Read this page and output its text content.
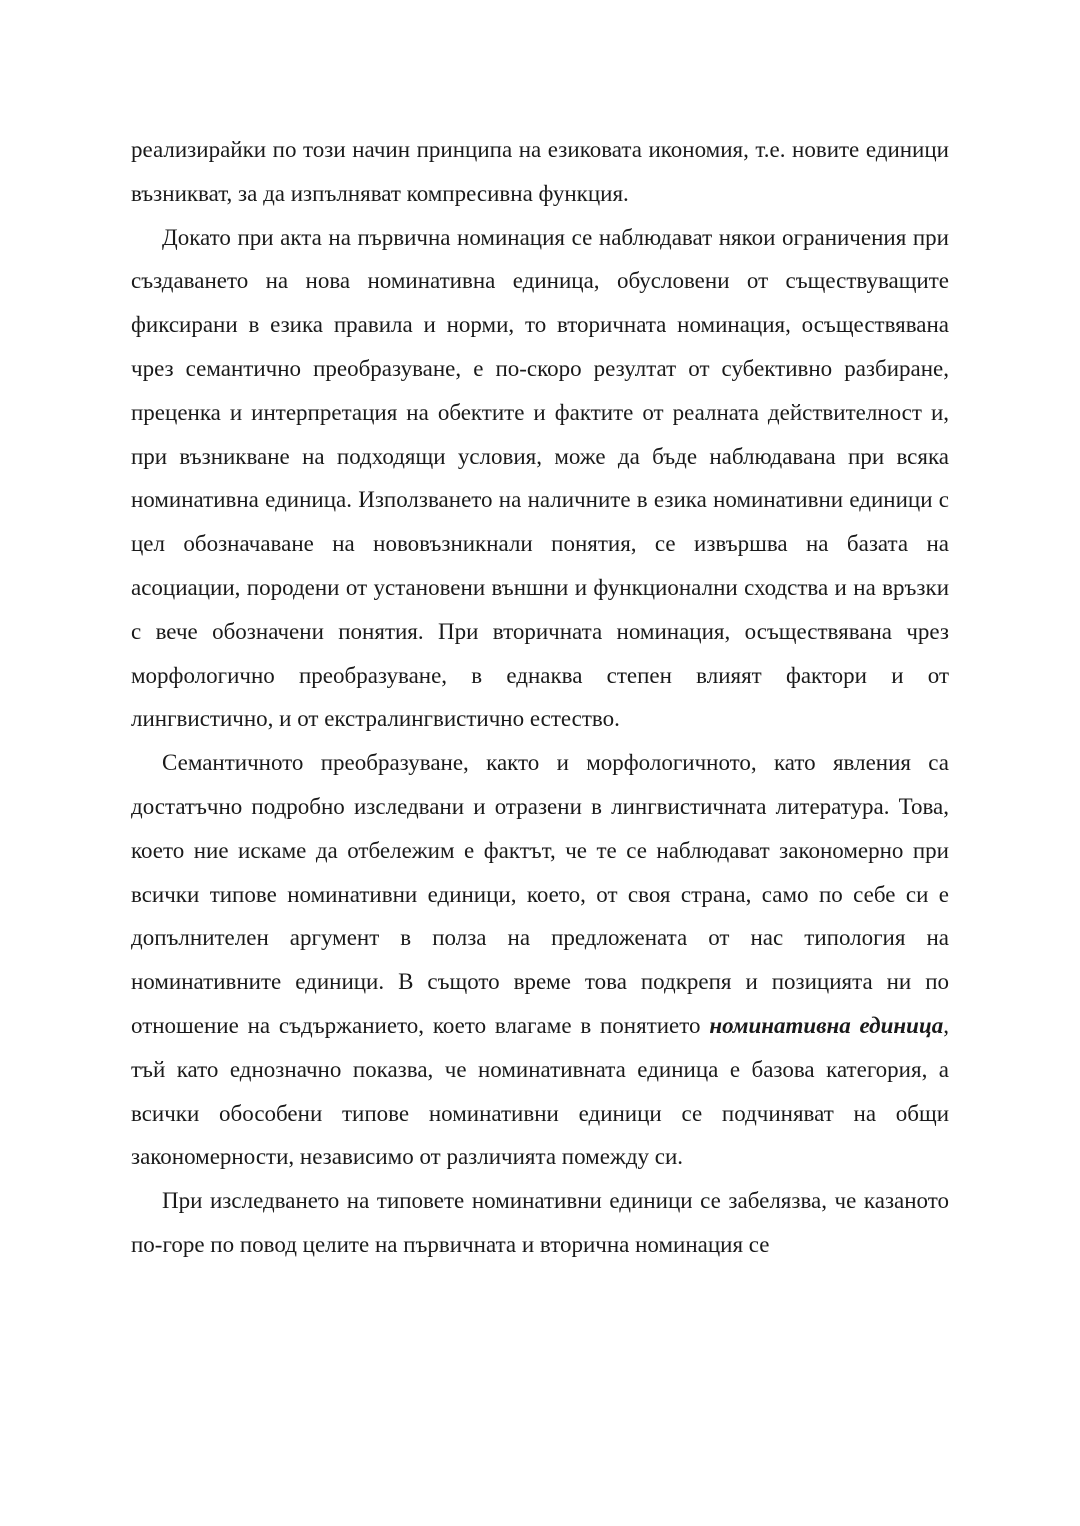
реализирайки по този начин принципа на езиковата икономия, т.е. новите единици възникват, за да изпълняват компресивна функция.

Докато при акта на първична номинация се наблюдават някои ограничения при създаването на нова номинативна единица, обусловени от съществуващите фиксирани в езика правила и норми, то вторичната номинация, осъществявана чрез семантично преобразуване, е по-скоро резултат от субективно разбиране, преценка и интерпретация на обектите и фактите от реалната действителност и, при възникване на подходящи условия, може да бъде наблюдавана при всяка номинативна единица. Използването на наличните в езика номинативни единици с цел обозначаване на нововъзникнали понятия, се извършва на базата на асоциации, породени от установени външни и функционални сходства и на връзки с вече обозначени понятия. При вторичната номинация, осъществявана чрез морфологично преобразуване, в еднаква степен влияят фактори и от лингвистично, и от екстралингвистично естество.

Семантичното преобразуване, както и морфологичното, като явления са достатъчно подробно изследвани и отразени в лингвистичната литература. Това, което ние искаме да отбележим е фактът, че те се наблюдават закономерно при всички типове номинативни единици, което, от своя страна, само по себе си е допълнителен аргумент в полза на предложената от нас типология на номинативните единици. В същото време това подкрепя и позицията ни по отношение на съдържанието, което влагаме в понятието номинативна единица, тъй като еднозначно показва, че номинативната единица е базова категория, а всички обособени типове номинативни единици се подчиняват на общи закономерности, независимо от различията помежду си.

При изследването на типовете номинативни единици се забелязва, че казаното по-горе по повод целите на първичната и вторична номинация се
